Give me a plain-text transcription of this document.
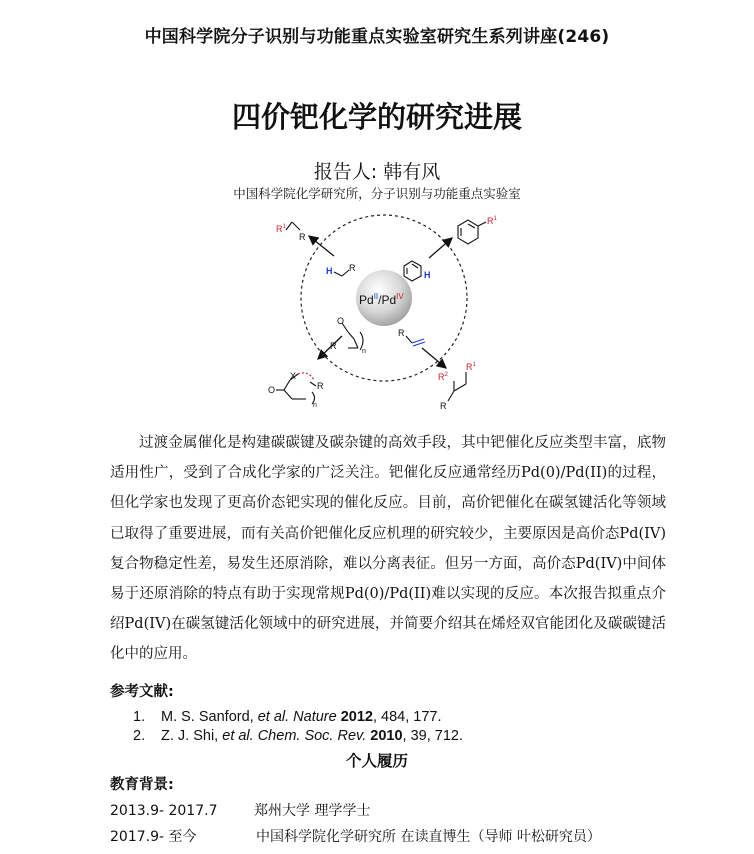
中国科学院分子识别与功能重点实验室研究生系列讲座(246)
四价钯化学的研究进展
报告人: 韩有风
中国科学院化学研究所，分子识别与功能重点实验室
$Pd^{II}/Pd^{IV}$
$R^1$
R
$R^1$
H R
H
R
O
R
n
X
O	R
n
$R^2$
$R^1$
R

过渡金属催化是构建碳碳键及碳杂键的高效手段，其中钯催化反应类型丰富，底物适用性广，受到了合成化学家的广泛关注。钯催化反应通常经历Pd(0)/Pd(II)的过程，但化学家也发现了更高价态钯实现的催化反应。目前，高价钯催化在碳氢键活化等领域已取得了重要进展，而有关高价钯催化反应机理的研究较少，主要原因是高价态Pd(IV)复合物稳定性差，易发生还原消除，难以分离表征。但另一方面，高价态Pd(IV)中间体易于还原消除的特点有助于实现常规Pd(0)/Pd(II)难以实现的反应。本次报告拟重点介绍Pd(IV)在碳氢键活化领域中的研究进展，并简要介绍其在烯烃双官能团化及碳碳键活化中的应用。

参考文献:
1. M. S. Sanford, et al. Nature 2012, 484, 177.
2. Z. J. Shi, et al. Chem. Soc. Rev. 2010, 39, 712.
个人履历
教育背景:
2013.9- 2017.7	郑州大学 理学学士
2017.9- 至今	中国科学院化学研究所 在读直博生（导师 叶松研究员）
